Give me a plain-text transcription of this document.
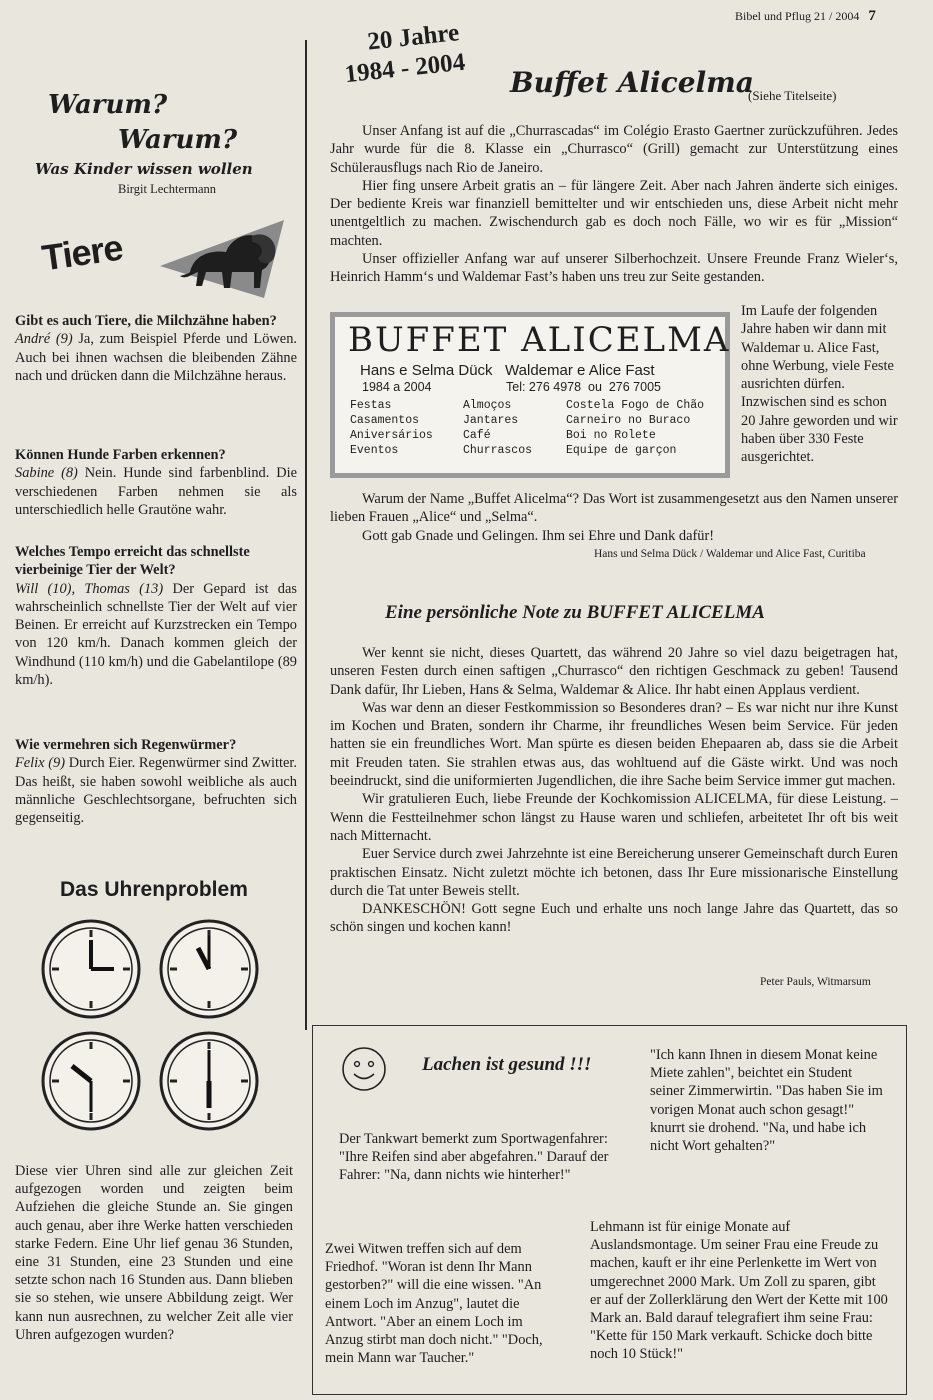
Bibel und Pflug 21 / 2004 7
Warum?
Warum?
Was Kinder wissen wollen
Birgit Lechtermann
Tiere
Gibt es auch Tiere, die Milchzähne haben?
André (9) Ja, zum Beispiel Pferde und Löwen. Auch bei ihnen wachsen die bleibenden Zähne nach und drücken dann die Milchzähne heraus.
Können Hunde Farben erkennen?
Sabine (8) Nein. Hunde sind farbenblind. Die verschiedenen Farben nehmen sie als unterschiedlich helle Grautöne wahr.
Welches Tempo erreicht das schnellste vierbeinige Tier der Welt?
Will (10), Thomas (13) Der Gepard ist das wahrscheinlich schnellste Tier der Welt auf vier Beinen. Er erreicht auf Kurzstrecken ein Tempo von 120 km/h. Danach kommen gleich der Windhund (110 km/h) und die Gabelantilope (89 km/h).
Wie vermehren sich Regenwürmer?
Felix (9) Durch Eier. Regenwürmer sind Zwitter. Das heißt, sie haben sowohl weibliche als auch männliche Geschlechtsorgane, befruchten sich gegenseitig.
Das Uhrenproblem
Diese vier Uhren sind alle zur gleichen Zeit aufgezogen worden und zeigten beim Aufziehen die gleiche Stunde an. Sie gingen auch genau, aber ihre Werke hatten verschieden starke Federn. Eine Uhr lief genau 36 Stunden, eine 31 Stunden, eine 23 Stunden und eine setzte schon nach 16 Stunden aus. Dann blieben sie so stehen, wie unsere Abbildung zeigt. Wer kann nun ausrechnen, zu welcher Zeit alle vier Uhren aufgezogen wurden?
20 Jahre
1984 - 2004 Buffet Alicelma
(Siehe Titelseite)

Unser Anfang ist auf die „Churrascadas“ im Colégio Erasto Gaertner zurückzuführen. Jedes Jahr wurde für die 8. Klasse ein „Churrasco“ (Grill) gemacht zur Unterstützung eines Schülerausflugs nach Rio de Janeiro.

Hier fing unsere Arbeit gratis an – für längere Zeit. Aber nach Jahren änderte sich einiges. Der bediente Kreis war finanziell bemittelter und wir entschieden uns, diese Arbeit nicht mehr unentgeltlich zu machen. Zwischendurch gab es doch noch Fälle, wo wir es für „Mission“ machten.

Unser offizieller Anfang war auf unserer Silberhochzeit. Unsere Freunde Franz Wieler‘s, Heinrich Hamm‘s und Waldemar Fast’s haben uns treu zur Seite gestanden.

BUFFET ALICELMA
Hans e Selma Dück   Waldemar e Alice Fast
1984 a 2004	Tel: 276 4978  ou  276 7005
Festas
Casamentos
Aniversários
Eventos
Almoços
Jantares
Café
Churrascos
Costela Fogo de Chão
Carneiro no Buraco
Boi no Rolete
Equipe de garçon
Im Laufe der folgenden Jahre haben wir dann mit Waldemar u. Alice Fast, ohne Werbung, viele Feste ausrichten dürfen. Inzwischen sind es schon 20 Jahre geworden und wir haben über 330 Feste ausgerichtet.

Warum der Name „Buffet Alicelma“? Das Wort ist zusammengesetzt aus den Namen unserer lieben Frauen „Alice“ und „Selma“.

Gott gab Gnade und Gelingen. Ihm sei Ehre und Dank dafür!

Hans und Selma Dück / Waldemar und Alice Fast, Curitiba
Eine persönliche Note zu BUFFET ALICELMA

Wer kennt sie nicht, dieses Quartett, das während 20 Jahre so viel dazu beigetragen hat, unseren Festen durch einen saftigen „Churrasco“ den richtigen Geschmack zu geben! Tausend Dank dafür, Ihr Lieben, Hans & Selma, Waldemar & Alice. Ihr habt einen Applaus verdient.

Was war denn an dieser Festkommission so Besonderes dran? – Es war nicht nur ihre Kunst im Kochen und Braten, sondern ihr Charme, ihr freundliches Wesen beim Service. Für jeden hatten sie ein freundliches Wort. Man spürte es diesen beiden Ehepaaren ab, dass sie die Arbeit mit Freuden taten. Sie strahlen etwas aus, das wohltuend auf die Gäste wirkt. Und was noch beeindruckt, sind die uniformierten Jugendlichen, die ihre Sache beim Service immer gut machen.

Wir gratulieren Euch, liebe Freunde der Kochkomission ALICELMA, für diese Leistung. – Wenn die Festteilnehmer schon längst zu Hause waren und schliefen, arbeitetet Ihr oft bis weit nach Mitternacht.

Euer Service durch zwei Jahrzehnte ist eine Bereicherung unserer Gemeinschaft durch Euren praktischen Einsatz. Nicht zuletzt möchte ich betonen, dass Ihr Eure missionarische Einstellung durch die Tat unter Beweis stellt.

DANKESCHÖN! Gott segne Euch und erhalte uns noch lange Jahre das Quartett, das so schön singen und kochen kann!

Peter Pauls, Witmarsum
Lachen ist gesund !!!
Der Tankwart bemerkt zum Sportwagenfahrer: "Ihre Reifen sind aber abgefahren." Darauf der Fahrer: "Na, dann nichts wie hinterher!"
"Ich kann Ihnen in diesem Monat keine Miete zahlen", beichtet ein Student seiner Zimmerwirtin. "Das haben Sie im vorigen Monat auch schon gesagt!" knurrt sie drohend. "Na, und habe ich nicht Wort gehalten?"
Zwei Witwen treffen sich auf dem Friedhof. "Woran ist denn Ihr Mann gestorben?" will die eine wissen. "An einem Loch im Anzug", lautet die Antwort. "Aber an einem Loch im Anzug stirbt man doch nicht." "Doch, mein Mann war Taucher."
Lehmann ist für einige Monate auf Auslandsmontage. Um seiner Frau eine Freude zu machen, kauft er ihr eine Perlenkette im Wert von umgerechnet 2000 Mark. Um Zoll zu sparen, gibt er auf der Zollerklärung den Wert der Kette mit 100 Mark an. Bald darauf telegrafiert ihm seine Frau: "Kette für 150 Mark verkauft. Schicke doch bitte noch 10 Stück!"
